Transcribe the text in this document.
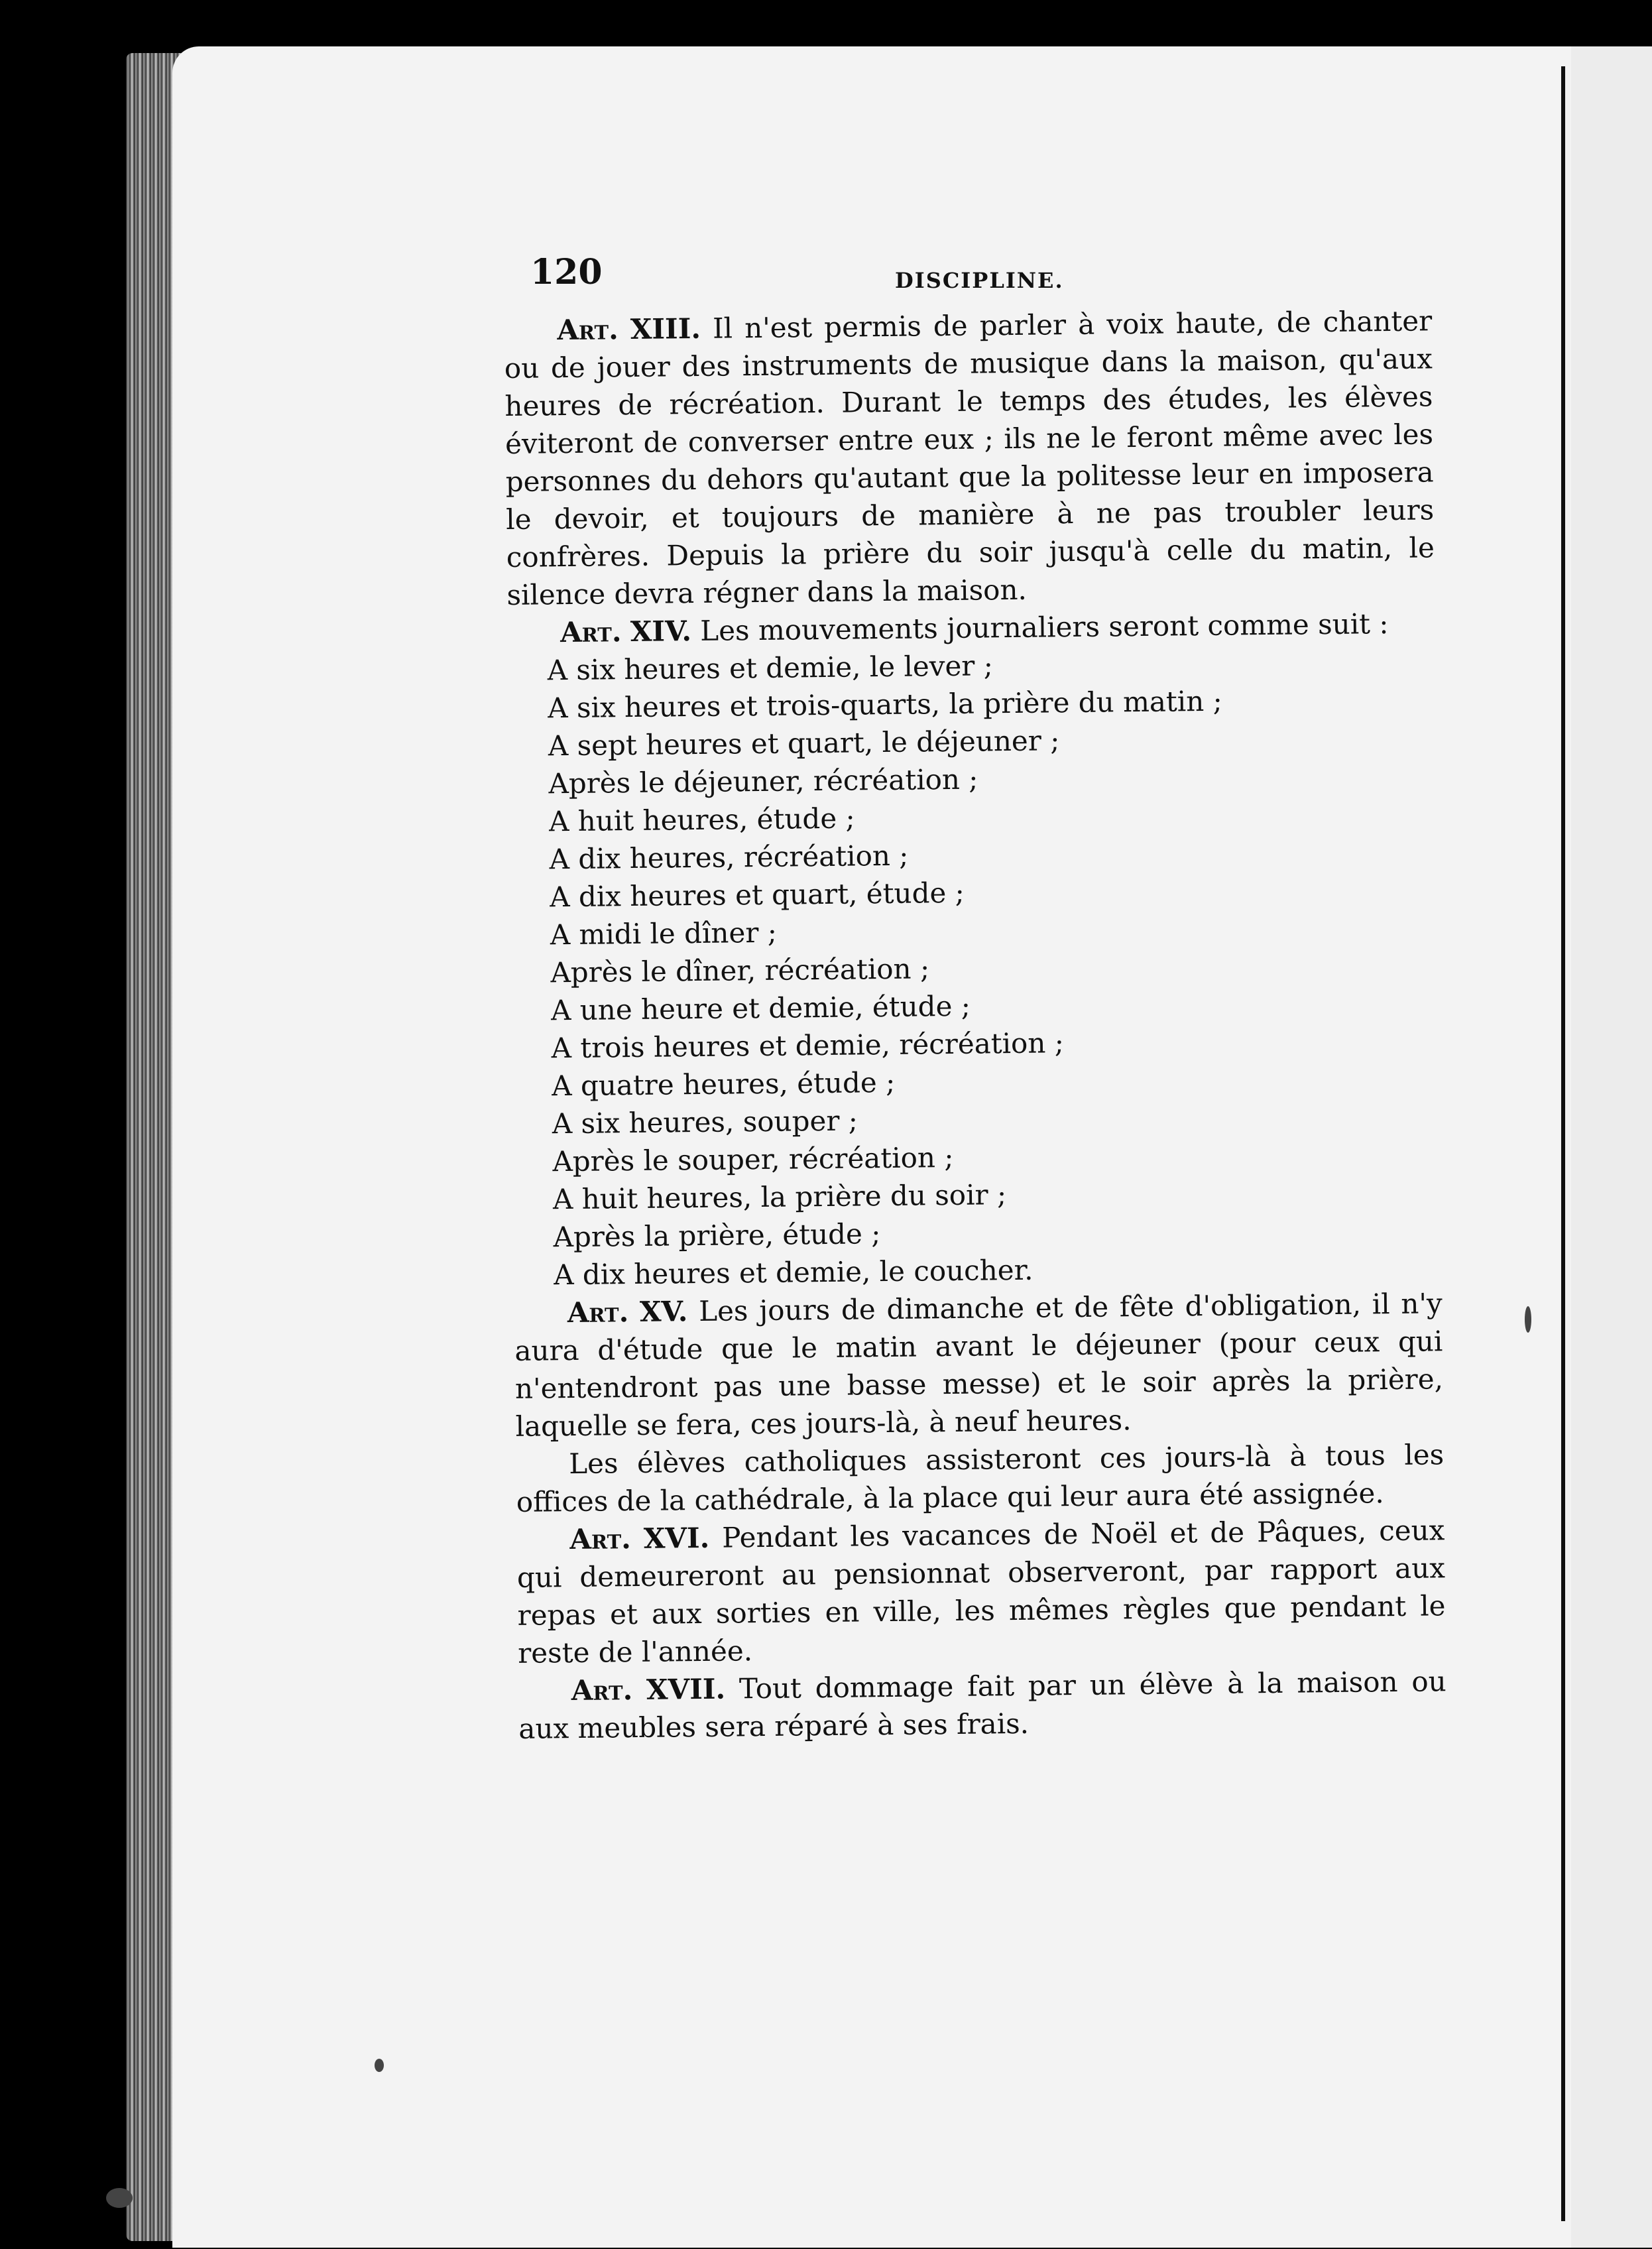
120	DISCIPLINE.

Art. XIII. Il n'est permis de parler à voix haute, de chanter ou de jouer des instruments de musique dans la maison, qu'aux heures de récréation. Durant le temps des études, les élèves éviteront de converser entre eux ; ils ne le feront même avec les personnes du dehors qu'autant que la politesse leur en imposera le devoir, et toujours de manière à ne pas troubler leurs confrères. Depuis la prière du soir jusqu'à celle du matin, le silence devra régner dans la maison.

Art. XIV. Les mouvements journaliers seront comme suit :

A six heures et demie, le lever ;
A six heures et trois-quarts, la prière du matin ;
A sept heures et quart, le déjeuner ;
Après le déjeuner, récréation ;
A huit heures, étude ;
A dix heures, récréation ;
A dix heures et quart, étude ;
A midi le dîner ;
Après le dîner, récréation ;
A une heure et demie, étude ;
A trois heures et demie, récréation ;
A quatre heures, étude ;
A six heures, souper ;
Après le souper, récréation ;
A huit heures, la prière du soir ;
Après la prière, étude ;
A dix heures et demie, le coucher.

Art. XV. Les jours de dimanche et de fête d'obligation, il n'y aura d'étude que le matin avant le déjeuner (pour ceux qui n'entendront pas une basse messe) et le soir après la prière, laquelle se fera, ces jours-là, à neuf heures.

Les élèves catholiques assisteront ces jours-là à tous les offices de la cathédrale, à la place qui leur aura été assignée.

Art. XVI. Pendant les vacances de Noël et de Pâques, ceux qui demeureront au pensionnat observeront, par rapport aux repas et aux sorties en ville, les mêmes règles que pendant le reste de l'année.

Art. XVII. Tout dommage fait par un élève à la maison ou aux meubles sera réparé à ses frais.
